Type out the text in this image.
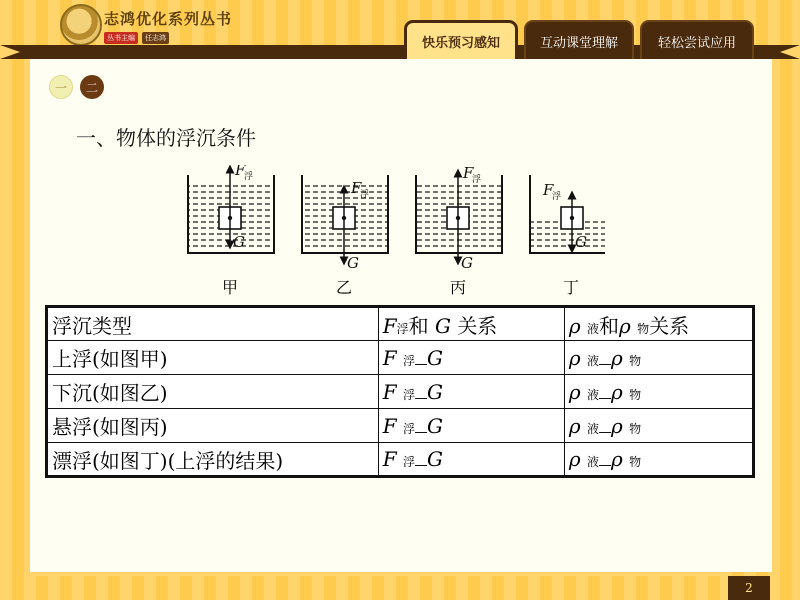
志鸿优化系列丛书
丛书主编	任志鸿	快乐预习感知	互动课堂理解	轻松尝试应用
一	二
一、物体的浮沉条件
F
浮
G
F
浮
G
F
浮
G
F
浮
G
甲	乙	丙	丁
浮沉类型	F浮和 G 关系	ρ 液和ρ 物关系
上浮(如图甲)	F 浮 G	ρ 液 ρ 物
下沉(如图乙)	F 浮 G	ρ 液 ρ 物
悬浮(如图丙)	F 浮 G	ρ 液 ρ 物
漂浮(如图丁)(上浮的结果)	F 浮 G	ρ 液 ρ 物
2
